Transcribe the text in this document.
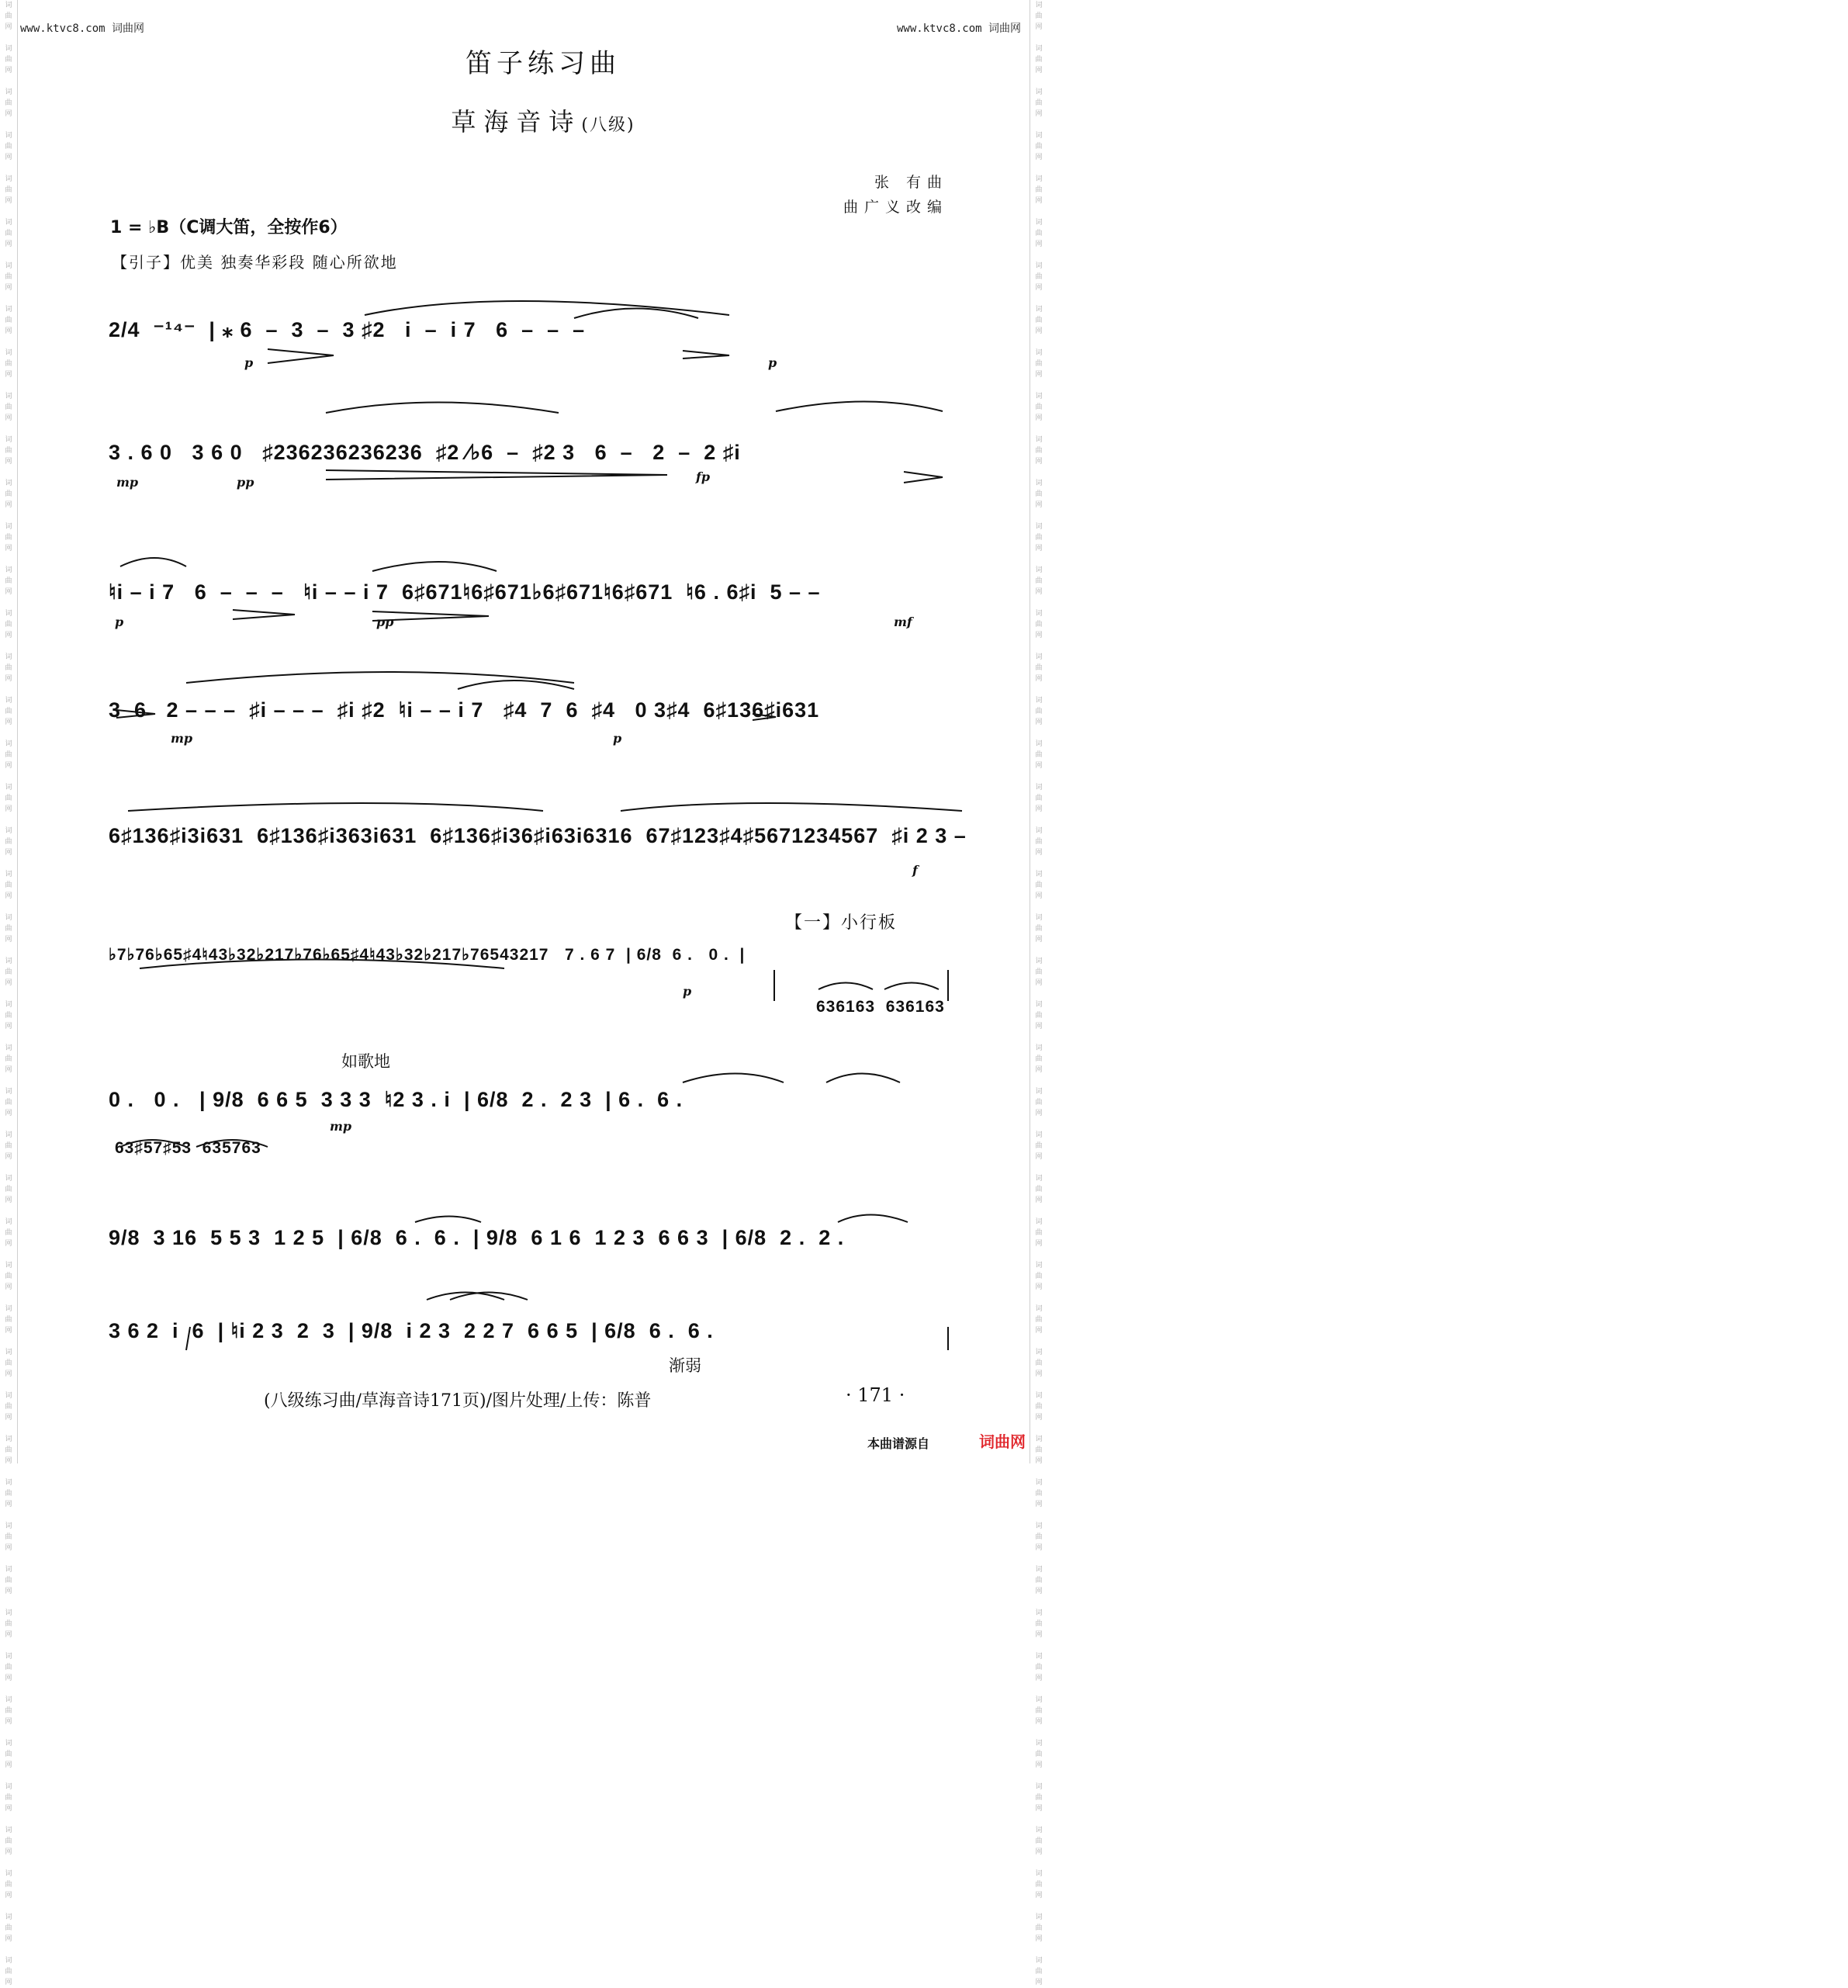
词
曲
网

词
曲
网

词
曲
网

词
曲
网

词
曲
网

词
曲
网

词
曲
网

词
曲
网

词
曲
网

词
曲
网

词
曲
网

词
曲
网

词
曲
网

词
曲
网

词
曲
网

词
曲
网

词
曲
网

词
曲
网

词
曲
网

词
曲
网

词
曲
网

词
曲
网

词
曲
网

词
曲
网

词
曲
网

词
曲
网

词
曲
网

词
曲
网

词
曲
网

词
曲
网

词
曲
网

词
曲
网

词
曲
网

词
曲
网

词
曲
网

词
曲
网

词
曲
网

词
曲
网

词
曲
网

词
曲
网

词
曲
网

词
曲
网

词
曲
网

词
曲
网

词
曲
网

词
曲
网

词
曲
网

词
曲
网

词
曲
网

词
曲
网

词
曲
网

词
曲
网

词
曲
网

词
曲
网

词
曲
网

词
曲
网

词
曲
网

词
曲
网

词
曲
网

词
曲
网

词
曲
网

词
曲
网

词
曲
网

词
曲
网

词
曲
网

词
曲
网

词
曲
网

词
曲
网

词
曲
网

词
曲
网

词
曲
网

词
曲
网

词
曲
网

词
曲
网

词
曲
网

词
曲
网

词
曲
网

词
曲
网

词
曲
网

词
曲
网

词
曲
网

词
曲
网

词
曲
网

词
曲
网

词
曲
网

词
曲
网

词
曲
网

词
曲
网

词
曲
网

词
曲
网

词
曲
网

词
曲
网

www.ktvc8.com 词曲网	www.ktvc8.com 词曲网
笛子练习曲
草海音诗(八级)
张 有曲
曲广义改编
1 = ♭B（C调大笛，全按作6）
【引子】优美 独奏华彩段 随心所欲地
2/4  ⁻¹⁴⁻  | ⁎ 6  –  3  –  3 ♯2   i  –  i 7   6  –  –  –
3 . 6 0   3 6 0   ♯236236236236  ♯2 ⁄♭6  –  ♯2 3   6  –   2  –  2 ♯i
♮i – i 7   6  –  –  –   ♮i – – i 7  6♯671♮6♯671♭6♯671♮6♯671  ♮6 . 6♯i  5 – –
3  6   2 – – –  ♯i – – –  ♯i ♯2  ♮i – – i 7   ♯4  7  6  ♯4   0 3♯4  6♯136♯i631
6♯136♯i3i631  6♯136♯i363i631  6♯136♯i36♯i63i6316  67♯123♯4♯5671234567  ♯i 2 3 –
【一】小行板
♭7♭76♭65♯4♮43♭32♭217♭76♭65♯4♮43♭32♭217♭76543217   7 . 6 7  | 6/8  6 .   0 .  |
636163  636163
如歌地
0 .   0 .   | 9/8  6 6 5  3 3 3  ♮2 3 . i  | 6/8  2 .  2 3  | 6 .  6 .
63♯57♯53  635763
9/8  3 16  5 5 3  1 2 5  | 6/8  6 .  6 .  | 9/8  6 1 6  1 2 3  6 6 3  | 6/8  2 .  2 .
3 6 2  i  6  | ♮i 2 3  2  3  | 9/8  i 2 3  2 2 7  6 6 5  | 6/8  6 .  6 .
渐弱
p	p
mp	pp	fp
p	pp	mf
mp	p
f
p
mp
(八级练习曲/草海音诗171页)/图片处理/上传：陈普	· 171 ·
本曲谱源自	词曲网
